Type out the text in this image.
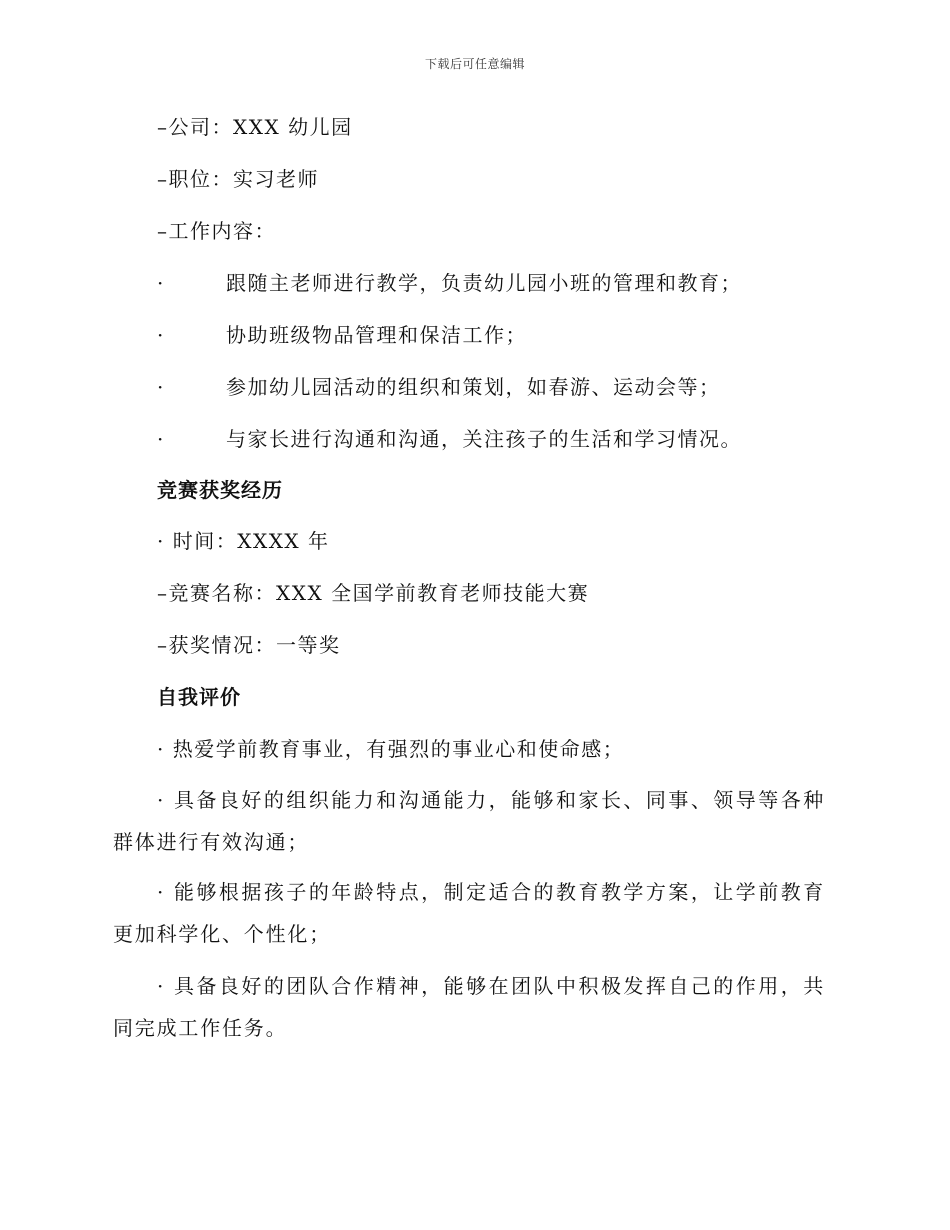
下载后可任意编辑
–公司：XXX 幼儿园
–职位：实习老师
–工作内容：
·	跟随主老师进行教学，负责幼儿园小班的管理和教育；
·	协助班级物品管理和保洁工作；
·	参加幼儿园活动的组织和策划，如春游、运动会等；
·	与家长进行沟通和沟通，关注孩子的生活和学习情况。
竞赛获奖经历
· 时间：XXXX 年
–竞赛名称：XXX 全国学前教育老师技能大赛
–获奖情况：一等奖
自我评价
· 热爱学前教育事业，有强烈的事业心和使命感；
· 具备良好的组织能力和沟通能力，能够和家长、同事、领导等各种群体进行有效沟通；
· 能够根据孩子的年龄特点，制定适合的教育教学方案，让学前教育更加科学化、个性化；
· 具备良好的团队合作精神，能够在团队中积极发挥自己的作用，共同完成工作任务。
